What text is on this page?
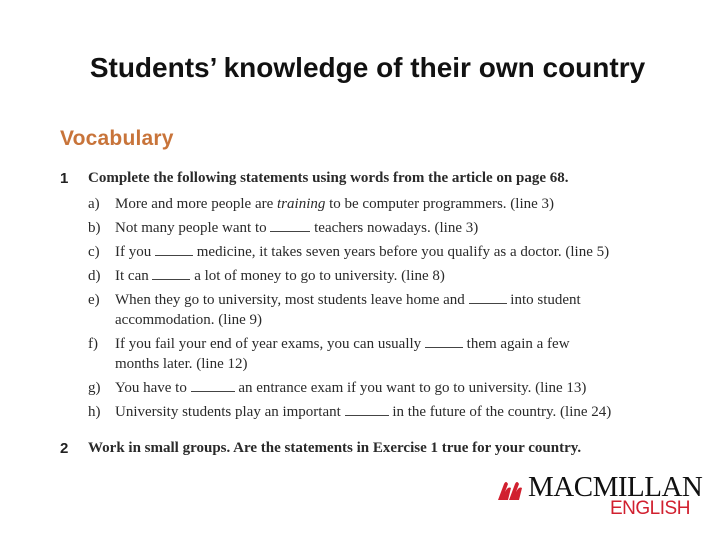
Students’ knowledge of their own country
Vocabulary
1 Complete the following statements using words from the article on page 68.
a) More and more people are training to be computer programmers. (line 3)
b) Not many people want to	teachers nowadays. (line 3)
c) If you	medicine, it takes seven years before you qualify as a doctor. (line 5)
d) It can	a lot of money to go to university. (line 8)
e) When they go to university, most students leave home and	into student
accommodation. (line 9)
f) If you fail your end of year exams, you can usually	them again a few
months later. (line 12)
g) You have to	an entrance exam if you want to go to university. (line 13)
h) University students play an important	in the future of the country. (line 24)
2 Work in small groups. Are the statements in Exercise 1 true for your country.
MACMILLAN
ENGLISH
